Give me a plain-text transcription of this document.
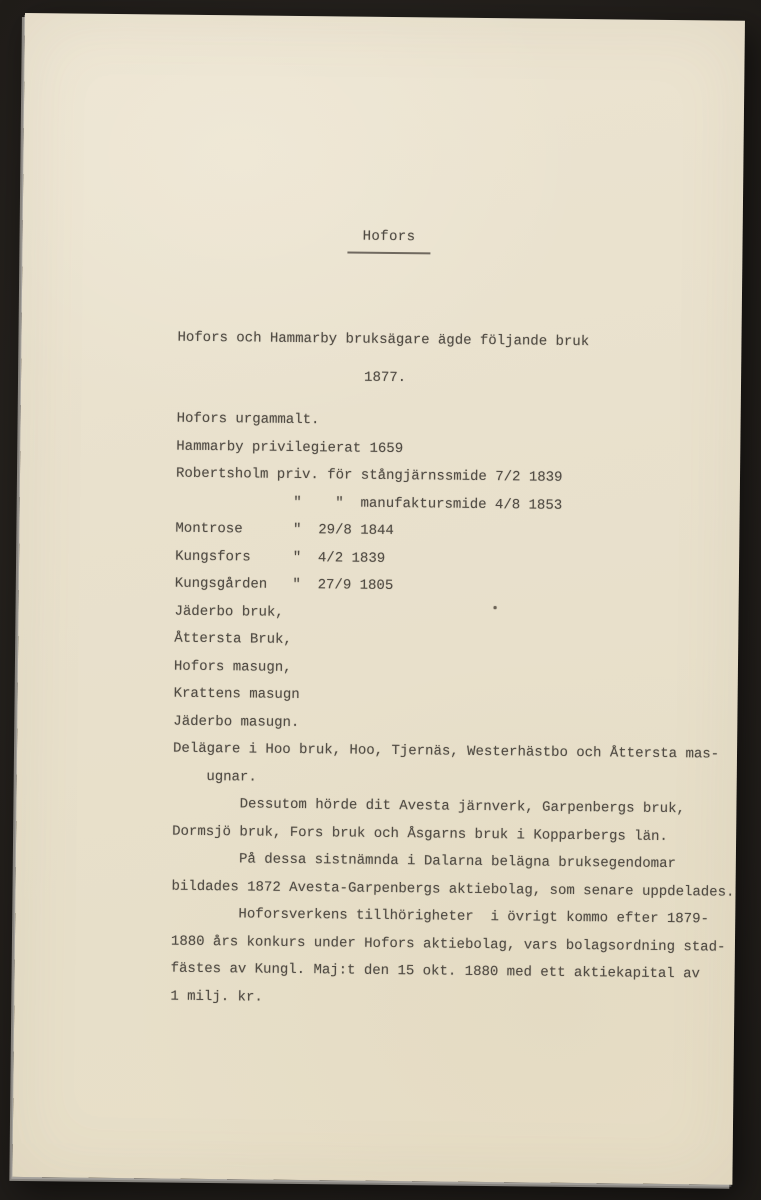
Hofors
Hofors och Hammarby bruksägare ägde följande bruk
1877.
Hofors urgammalt.
Hammarby privilegierat 1659
Robertsholm priv. för stångjärnssmide 7/2 1839
"    "  manufaktursmide 4/8 1853
Montrose      "  29/8 1844
Kungsfors     "  4/2 1839
Kungsgården   "  27/9 1805
Jäderbo bruk,
Åttersta Bruk,
Hofors masugn,
Krattens masugn
Jäderbo masugn.
Delägare i Hoo bruk, Hoo, Tjernäs, Westerhästbo och Åttersta mas-
ugnar.
Dessutom hörde dit Avesta järnverk, Garpenbergs bruk,
Dormsjö bruk, Fors bruk och Åsgarns bruk i Kopparbergs län.
På dessa sistnämnda i Dalarna belägna bruksegendomar
bildades 1872 Avesta-Garpenbergs aktiebolag, som senare uppdelades.
Hoforsverkens tillhörigheter  i övrigt kommo efter 1879-
1880 års konkurs under Hofors aktiebolag, vars bolagsordning stad-
fästes av Kungl. Maj:t den 15 okt. 1880 med ett aktiekapital av
1 milj. kr.
